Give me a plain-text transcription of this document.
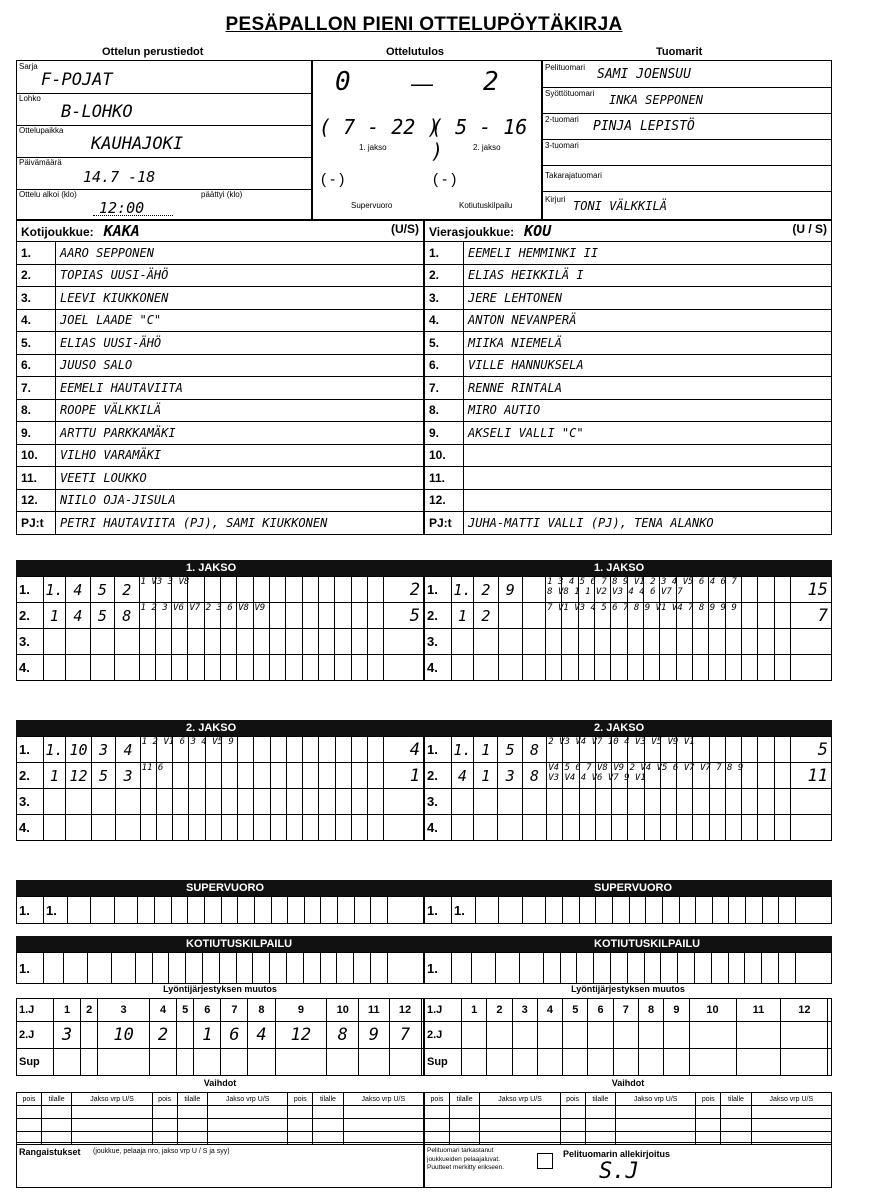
PESÄPALLON PIENI OTTELUPÖYTÄKIRJA
Ottelun perustiedot	Ottelutulos	Tuomarit
Sarja
F-POJAT
Lohko
B-LOHKO
Ottelupaikka
KAUHAJOKI
Päivämäärä
14.7 -18
Ottelu alkoi (klo)	päättyi (klo)
12:00
0	— 2
( 7 - 22 )
1. jakso
( 5 - 16 )	2. jakso
( - )
Supervuoro
( - )
Kotiutuskilpailu
Pelituomari SAMI JOENSUU
Syöttötuomari INKA SEPPONEN
2-tuomari PINJA LEPISTÖ
3-tuomari
Takarajatuomari
Kirjuri TONI VÄLKKILÄ
Kotijoukkue: KAKA (U/S)	

1.	AARO SEPPONEN
2.	TOPIAS UUSI-ÄHÖ
3.	LEEVI KIUKKONEN
4.	JOEL LAADE "C"
5.	ELIAS UUSI-ÄHÖ
6.	JUUSO SALO
7.	EEMELI HAUTAVIITA
8.	ROOPE VÄLKKILÄ
9.	ARTTU PARKKAMÄKI
10.	VILHO VARAMÄKI
11.	VEETI LOUKKO
12.	NIILO OJA-JISULA
PJ:t	PETRI HAUTAVIITA (PJ), SAMI KIUKKONEN
Vierasjoukkue: KOU (U / S)	

1.	EEMELI HEMMINKI II
2.	ELIAS HEIKKILÄ I
3.	JERE LEHTONEN
4.	ANTON NEVANPERÄ
5.	MIIKA NIEMELÄ
6.	VILLE HANNUKSELA
7.	RENNE RINTALA
8.	MIRO AUTIO
9.	AKSELI VALLI "C"
10.	
11.	
12.	
PJ:t	JUHA-MATTI VALLI (PJ), TENA ALANKO
1. JAKSO	1. JAKSO
1.	1.	4	5	2	1 V3 3 V8															2
2.	1	4	5	8	1 2 3 V6 V7 2 3 6 V8 V9															5
3.																				
4.																				
1.	1.	2	9		1 3 4 5 6 7 8 9 V1 2 3 4 V5 6 4 6 7 8 V8 1 1 V2 V3 4 4 6 V7 7															15
2.	1	2			7 V1 V3 4 5 6 7 8 9 V1 V4 7 8 9 9 9															7
3.																				
4.																				
2. JAKSO	2. JAKSO
1.	1.	10	3	4	1 2 V1 6 3 4 V5 9															4
2.	1	12	5	3	11 6															1
3.																				
4.																				
1.	1.	1	5	8	2 V3 V4 V7 10 4 V3 V5 V9 V1															5
2.	4	1	3	8	V4 5 6 7 V8 V9 2 V4 V5 6 V7 V7 7 8 9 V3 V4 4 V6 V7 9 V1															11
3.																				
4.																				
SUPERVUORO	SUPERVUORO
1.	1.																				1.	1.																			
KOTIUTUSKILPAILU	KOTIUTUSKILPAILU
1.																					1.																				
Lyöntijärjestyksen muutos
1.J	1	2	3	4	5	6	7	8	9	10	11	12	
2.J	3		10	2		1	6	4	12	8	9	7	
Sup													
Lyöntijärjestyksen muutos
1.J	1	2	3	4	5	6	7	8	9	10	11	12	
2.J													
Sup													
Vaihdot
pois	tilalle	Jakso vrp U/S	pois	tilalle	Jakso vrp U/S	pois	tilalle	Jakso vrp U/S

Vaihdot
pois	tilalle	Jakso vrp U/S	pois	tilalle	Jakso vrp U/S	pois	tilalle	Jakso vrp U/S

Rangaistukset (joukkue, pelaaja nro, jakso vrp U / S ja syy)	Pelituomari tarkastanut
joukkueiden pelaajaluvat.
Puutteet merkitty erikseen.
Pelituomarin allekirjoitus
S.J
